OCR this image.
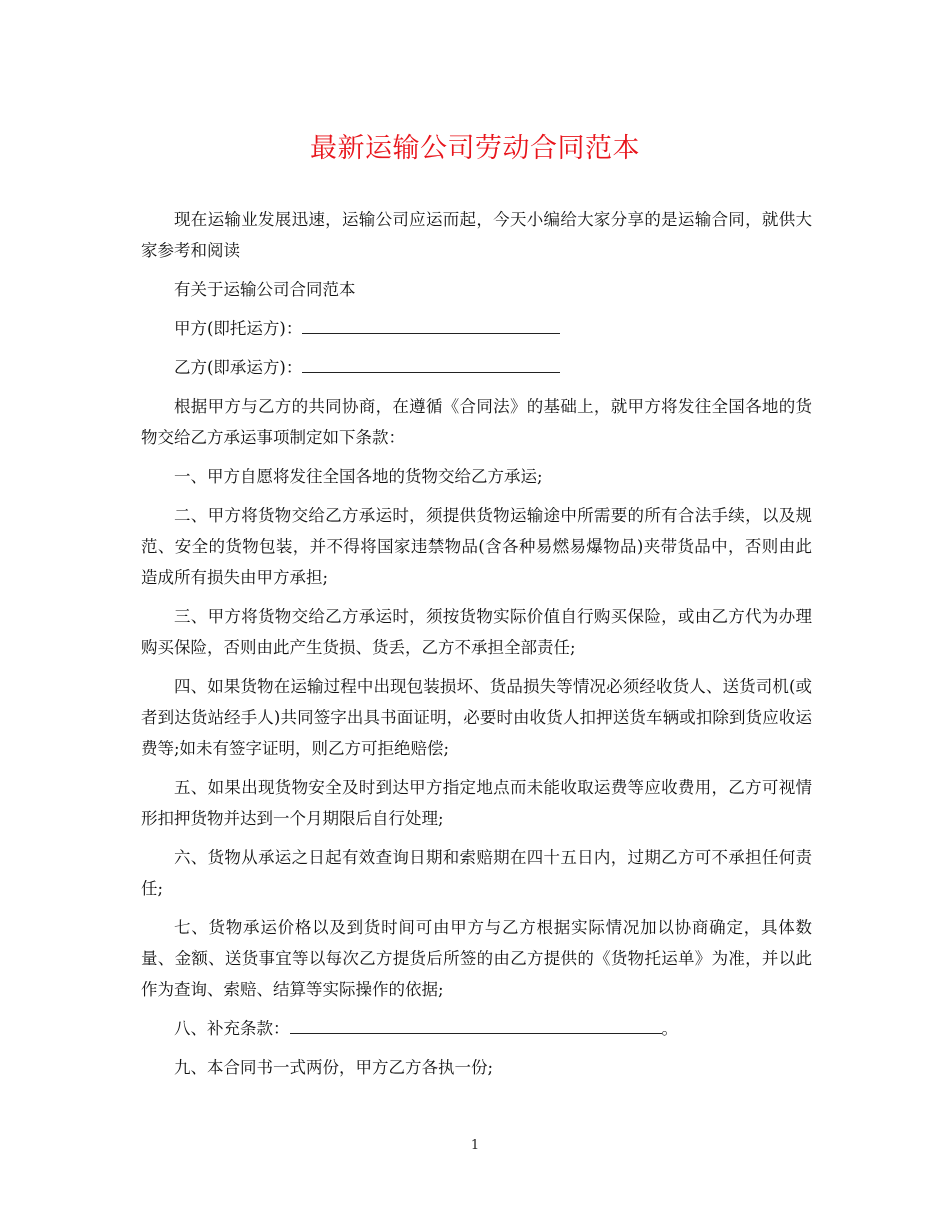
最新运输公司劳动合同范本

现在运输业发展迅速，运输公司应运而起，今天小编给大家分享的是运输合同，就供大家参考和阅读

有关于运输公司合同范本

甲方(即托运方)：

乙方(即承运方)：

根据甲方与乙方的共同协商，在遵循《合同法》的基础上，就甲方将发往全国各地的货物交给乙方承运事项制定如下条款：

一、甲方自愿将发往全国各地的货物交给乙方承运;

二、甲方将货物交给乙方承运时，须提供货物运输途中所需要的所有合法手续，以及规范、安全的货物包装，并不得将国家违禁物品(含各种易燃易爆物品)夹带货品中，否则由此造成所有损失由甲方承担;

三、甲方将货物交给乙方承运时，须按货物实际价值自行购买保险，或由乙方代为办理购买保险，否则由此产生货损、货丢，乙方不承担全部责任;

四、如果货物在运输过程中出现包装损坏、货品损失等情况必须经收货人、送货司机(或者到达货站经手人)共同签字出具书面证明，必要时由收货人扣押送货车辆或扣除到货应收运费等;如未有签字证明，则乙方可拒绝赔偿;

五、如果出现货物安全及时到达甲方指定地点而未能收取运费等应收费用，乙方可视情形扣押货物并达到一个月期限后自行处理;

六、货物从承运之日起有效查询日期和索赔期在四十五日内，过期乙方可不承担任何责任;

七、货物承运价格以及到货时间可由甲方与乙方根据实际情况加以协商确定，具体数量、金额、送货事宜等以每次乙方提货后所签的由乙方提供的《货物托运单》为准，并以此作为查询、索赔、结算等实际操作的依据;

八、补充条款：	。

九、本合同书一式两份，甲方乙方各执一份;

1
